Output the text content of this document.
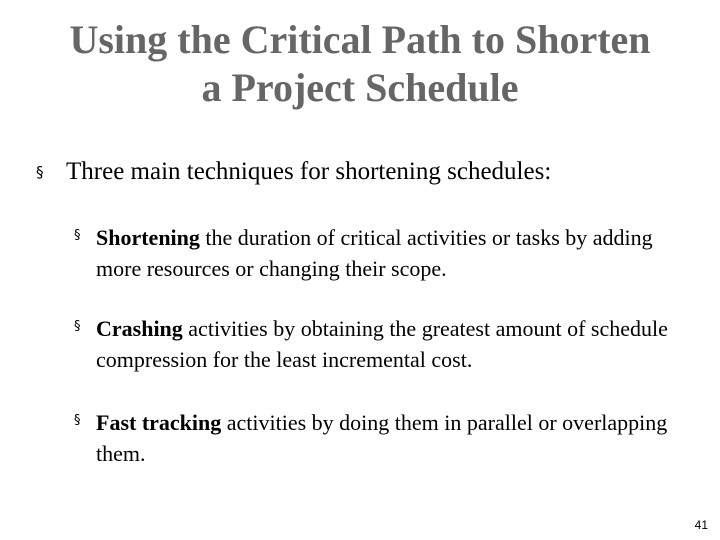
Using the Critical Path to Shorten
a Project Schedule
§ Three main techniques for shortening schedules:
§ Shortening the duration of critical activities or tasks by adding more resources or changing their scope.
§ Crashing activities by obtaining the greatest amount of schedule compression for the least incremental cost.
§ Fast tracking activities by doing them in parallel or overlapping them.
41
